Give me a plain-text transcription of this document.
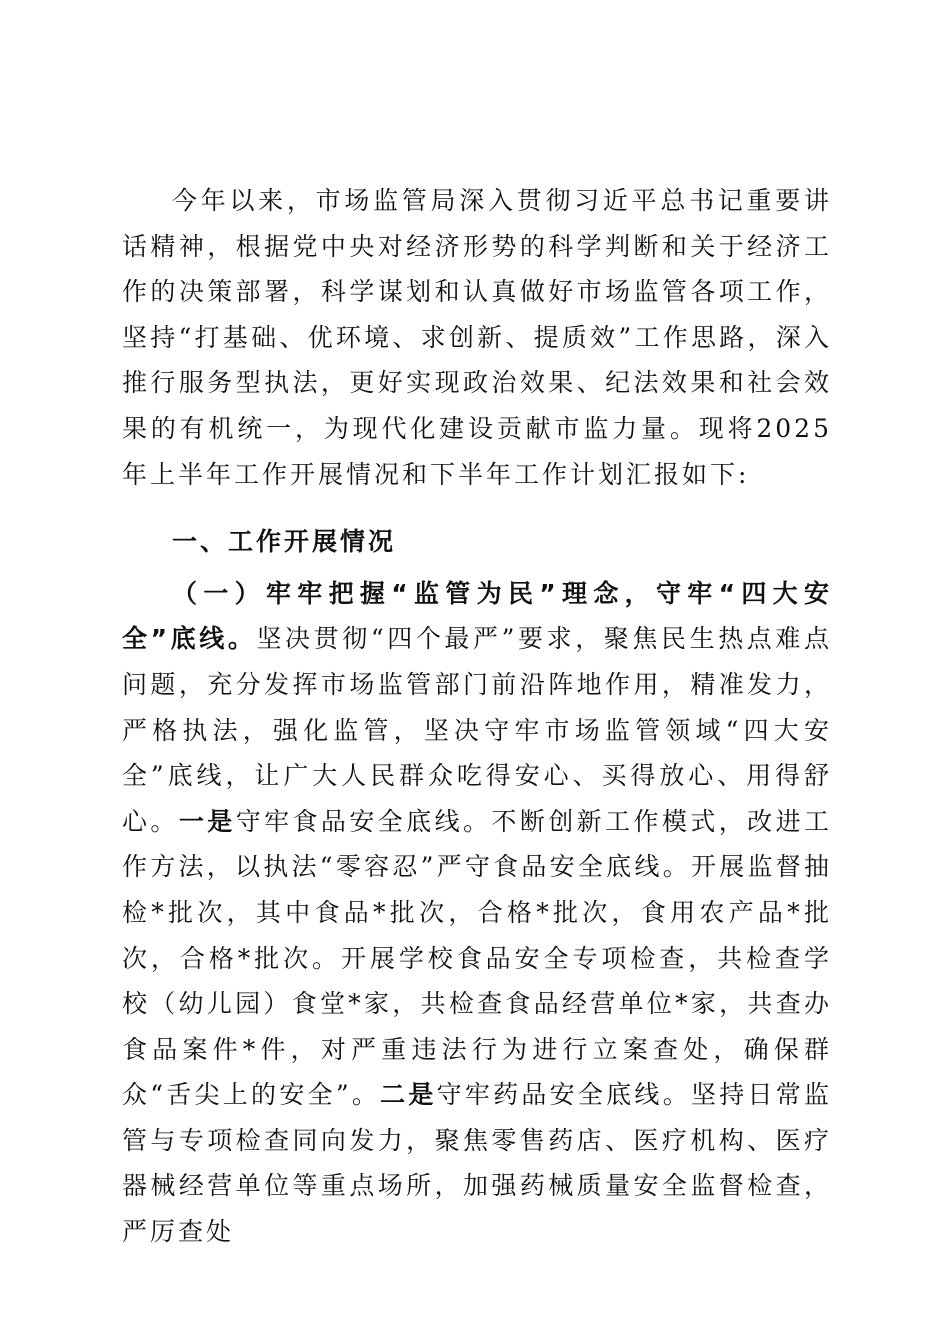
今年以来，市场监管局深入贯彻习近平总书记重要讲话精神，根据党中央对经济形势的科学判断和关于经济工作的决策部署，科学谋划和认真做好市场监管各项工作，坚持“打基础、优环境、求创新、提质效”工作思路，深入推行服务型执法，更好实现政治效果、纪法效果和社会效果的有机统一，为现代化建设贡献市监力量。现将2025年上半年工作开展情况和下半年工作计划汇报如下:

一、工作开展情况

（一）牢牢把握“监管为民”理念，守牢“四大安全”底线。坚决贯彻“四个最严”要求，聚焦民生热点难点问题，充分发挥市场监管部门前沿阵地作用，精准发力，严格执法，强化监管，坚决守牢市场监管领域“四大安全”底线，让广大人民群众吃得安心、买得放心、用得舒心。一是守牢食品安全底线。不断创新工作模式，改进工作方法，以执法“零容忍”严守食品安全底线。开展监督抽检*批次，其中食品*批次，合格*批次，食用农产品*批次，合格*批次。开展学校食品安全专项检查，共检查学校（幼儿园）食堂*家，共检查食品经营单位*家，共查办食品案件*件，对严重违法行为进行立案查处，确保群众“舌尖上的安全”。二是守牢药品安全底线。坚持日常监管与专项检查同向发力，聚焦零售药店、医疗机构、医疗器械经营单位等重点场所，加强药械质量安全监督检查，严厉查处
